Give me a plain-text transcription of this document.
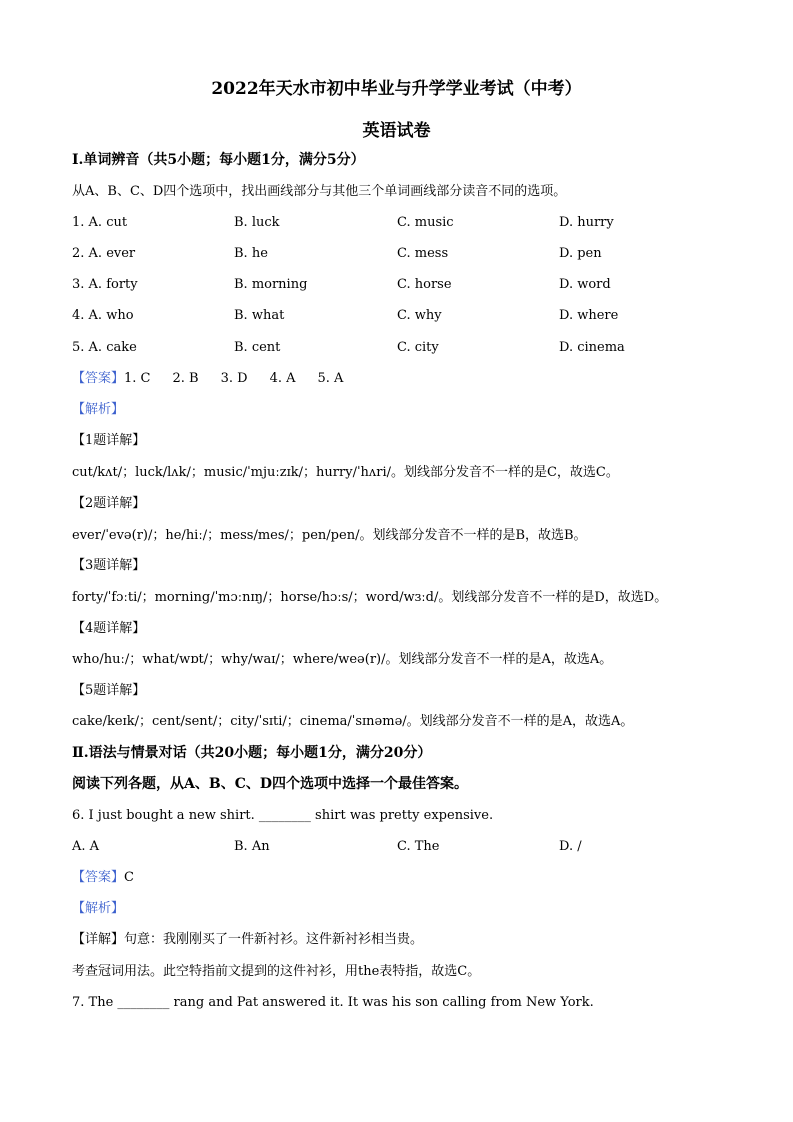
2022年天水市初中毕业与升学学业考试（中考）
英语试卷
Ⅰ.单词辨音（共5小题；每小题1分，满分5分）
从A、B、C、D四个选项中，找出画线部分与其他三个单词画线部分读音不同的选项。
1. A. cut	B. luck	C. music	D. hurry
2. A. ever	B. he	C. mess	D. pen
3. A. forty	B. morning	C. horse	D. word
4. A. who	B. what	C. why	D. where
5. A. cake	B. cent	C. city	D. cinema
【答案】1. C 2. B 3. D 4. A 5. A
【解析】
【1题详解】
cut/kʌt/；luck/lʌk/；music/ˈmjuːzɪk/；hurry/ˈhʌri/。划线部分发音不一样的是C，故选C。
【2题详解】
ever/ˈevə(r)/；he/hiː/；mess/mes/；pen/pen/。划线部分发音不一样的是B，故选B。
【3题详解】
forty/ˈfɔːti/；morning/ˈmɔːnɪŋ/；horse/hɔːs/；word/wɜːd/。划线部分发音不一样的是D，故选D。
【4题详解】
who/huː/；what/wɒt/；why/waɪ/；where/weə(r)/。划线部分发音不一样的是A，故选A。
【5题详解】
cake/keɪk/；cent/sent/；city/ˈsɪti/；cinema/ˈsɪnəmə/。划线部分发音不一样的是A，故选A。
Ⅱ.语法与情景对话（共20小题；每小题1分，满分20分）
阅读下列各题，从A、B、C、D四个选项中选择一个最佳答案。
6. I just bought a new shirt. ________ shirt was pretty expensive.
A. A	B. An	C. The	D. /
【答案】C
【解析】
【详解】句意：我刚刚买了一件新衬衫。这件新衬衫相当贵。
考查冠词用法。此空特指前文提到的这件衬衫，用the表特指，故选C。
7. The ________ rang and Pat answered it. It was his son calling from New York.
